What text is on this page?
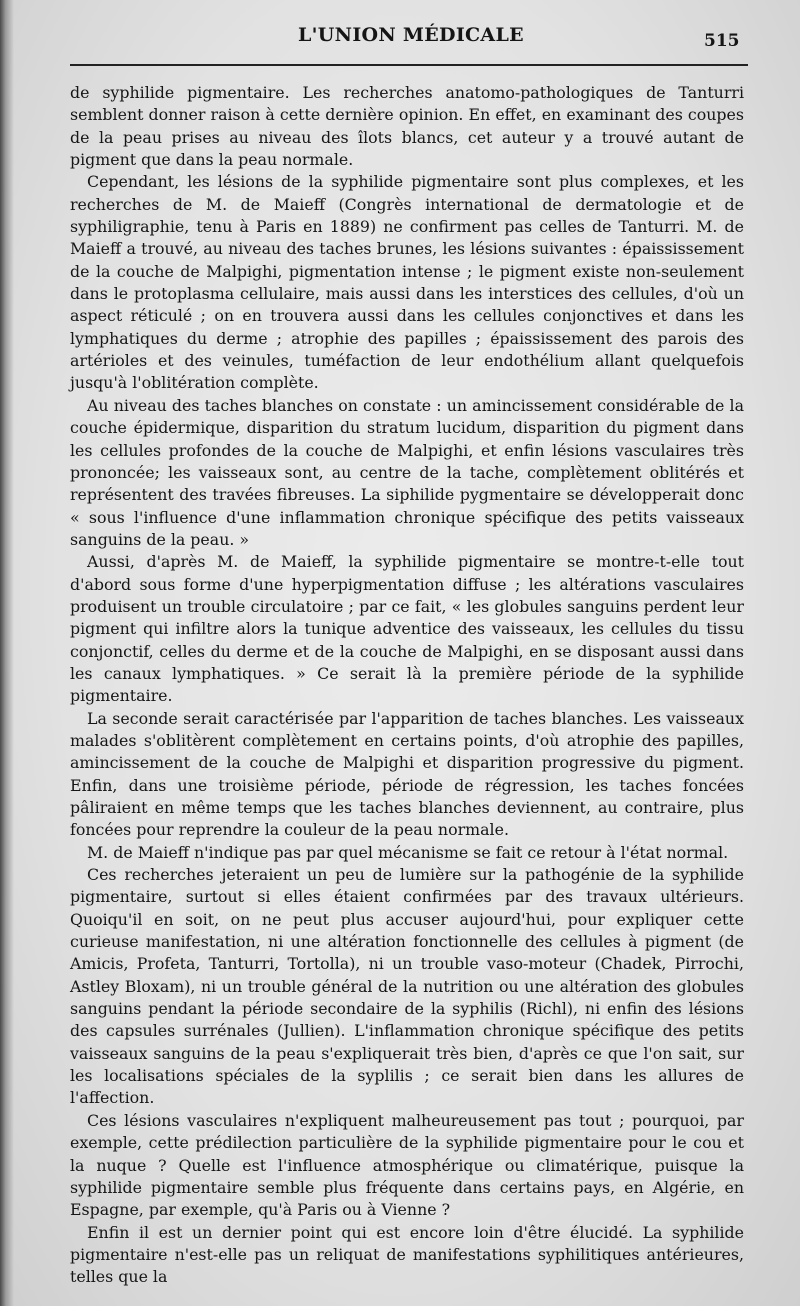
L'UNION MÉDICALE	515

de syphilide pigmentaire. Les recherches anatomo-pathologiques de Tanturri semblent donner raison à cette dernière opinion. En effet, en examinant des coupes de la peau prises au niveau des îlots blancs, cet auteur y a trouvé autant de pigment que dans la peau normale.

Cependant, les lésions de la syphilide pigmentaire sont plus complexes, et les recherches de M. de Maieff (Congrès international de dermatologie et de syphiligraphie, tenu à Paris en 1889) ne confirment pas celles de Tanturri. M. de Maieff a trouvé, au niveau des taches brunes, les lésions suivantes : épaississement de la couche de Malpighi, pigmentation intense ; le pigment existe non-seulement dans le protoplasma cellulaire, mais aussi dans les interstices des cellules, d'où un aspect réticulé ; on en trouvera aussi dans les cellules conjonctives et dans les lymphatiques du derme ; atrophie des papilles ; épaississement des parois des artérioles et des veinules, tuméfaction de leur endothélium allant quelquefois jusqu'à l'oblitération complète.

Au niveau des taches blanches on constate : un amincissement considérable de la couche épidermique, disparition du stratum lucidum, disparition du pigment dans les cellules profondes de la couche de Malpighi, et enfin lésions vasculaires très prononcée; les vaisseaux sont, au centre de la tache, complètement oblitérés et représentent des travées fibreuses. La siphilide pygmentaire se développerait donc « sous l'influence d'une inflammation chronique spécifique des petits vaisseaux sanguins de la peau. »

Aussi, d'après M. de Maieff, la syphilide pigmentaire se montre-t-elle tout d'abord sous forme d'une hyperpigmentation diffuse ; les altérations vasculaires produisent un trouble circulatoire ; par ce fait, « les globules sanguins perdent leur pigment qui infiltre alors la tunique adventice des vaisseaux, les cellules du tissu conjonctif, celles du derme et de la couche de Malpighi, en se disposant aussi dans les canaux lymphatiques. » Ce serait là la première période de la syphilide pigmentaire.

La seconde serait caractérisée par l'apparition de taches blanches. Les vaisseaux malades s'oblitèrent complètement en certains points, d'où atrophie des papilles, amincissement de la couche de Malpighi et disparition progressive du pigment. Enfin, dans une troisième période, période de régression, les taches foncées pâliraient en même temps que les taches blanches deviennent, au contraire, plus foncées pour reprendre la couleur de la peau normale.

M. de Maieff n'indique pas par quel mécanisme se fait ce retour à l'état normal.

Ces recherches jeteraient un peu de lumière sur la pathogénie de la syphilide pigmentaire, surtout si elles étaient confirmées par des travaux ultérieurs. Quoiqu'il en soit, on ne peut plus accuser aujourd'hui, pour expliquer cette curieuse manifestation, ni une altération fonctionnelle des cellules à pigment (de Amicis, Profeta, Tanturri, Tortolla), ni un trouble vaso-moteur (Chadek, Pirrochi, Astley Bloxam), ni un trouble général de la nutrition ou une altération des globules sanguins pendant la période secondaire de la syphilis (Richl), ni enfin des lésions des capsules surrénales (Jullien). L'inflammation chronique spécifique des petits vaisseaux sanguins de la peau s'expliquerait très bien, d'après ce que l'on sait, sur les localisations spéciales de la syplilis ; ce serait bien dans les allures de l'affection.

Ces lésions vasculaires n'expliquent malheureusement pas tout ; pourquoi, par exemple, cette prédilection particulière de la syphilide pigmentaire pour le cou et la nuque ? Quelle est l'influence atmosphérique ou climatérique, puisque la syphilide pigmentaire semble plus fréquente dans certains pays, en Algérie, en Espagne, par exemple, qu'à Paris ou à Vienne ?

Enfin il est un dernier point qui est encore loin d'être élucidé. La syphilide pigmentaire n'est-elle pas un reliquat de manifestations syphilitiques antérieures, telles que la
